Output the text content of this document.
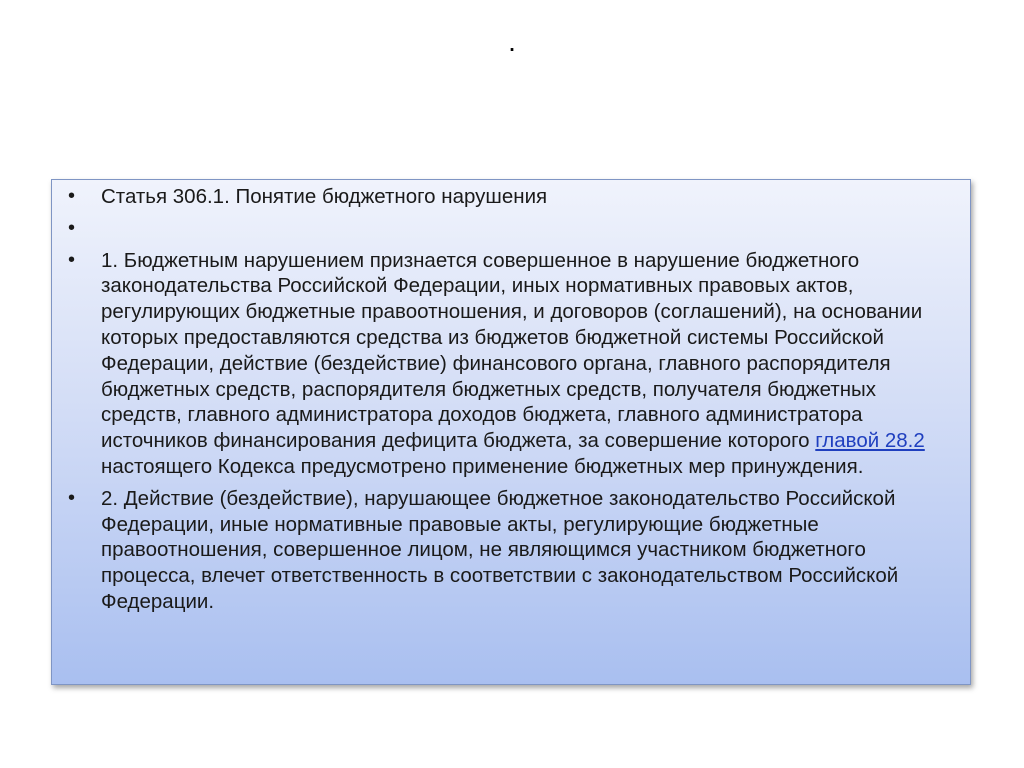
.
• Статья 306.1. Понятие бюджетного нарушения
•
• 1. Бюджетным нарушением признается совершенное в нарушение бюджетного законодательства Российской Федерации, иных нормативных правовых актов, регулирующих бюджетные правоотношения, и договоров (соглашений), на основании которых предоставляются средства из бюджетов бюджетной системы Российской Федерации, действие (бездействие) финансового органа, главного распорядителя бюджетных средств, распорядителя бюджетных средств, получателя бюджетных средств, главного администратора доходов бюджета, главного администратора источников финансирования дефицита бюджета, за совершение которого главой 28.2 настоящего Кодекса предусмотрено применение бюджетных мер принуждения.
• 2. Действие (бездействие), нарушающее бюджетное законодательство Российской Федерации, иные нормативные правовые акты, регулирующие бюджетные правоотношения, совершенное лицом, не являющимся участником бюджетного процесса, влечет ответственность в соответствии с законодательством Российской Федерации.
